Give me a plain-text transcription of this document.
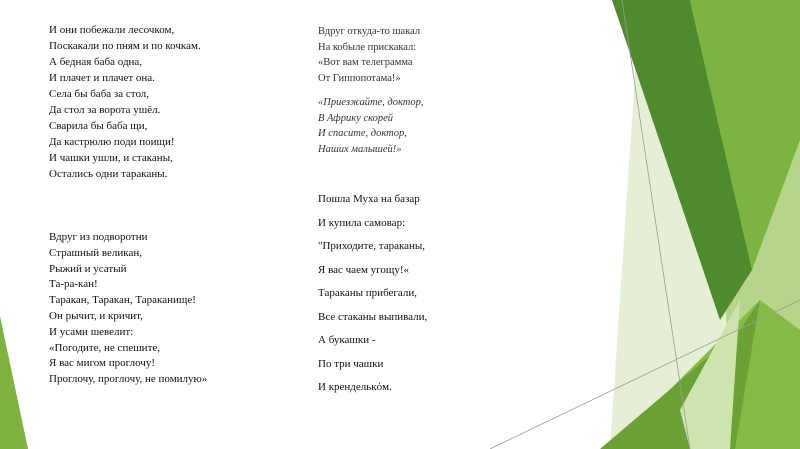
И они побежали лесочком,
Поскакали по пням и по кочкам.
А бедная баба одна,
И плачет и плачет она.
Села бы баба за стол,
Да стол за ворота ушёл.
Сварила бы баба щи,
Да кастрюлю поди поищи!
И чашки ушли, и стаканы,
Остались одни тараканы.
Вдруг из подворотни
Страшный великан,
Рыжий и усатый
Та-ра-кан!
Таракан, Таракан, Тараканище!
Он рычит, и кричит,
И усами шевелит:
«Погодите, не спешите,
Я вас мигом проглочу!
Проглочу, проглочу, не помилую»
Вдруг откуда-то шакал
На кобыле прискакал:
«Вот вам телеграмма
От Гиппопотама!»
«Приезжайте, доктор,
В Африку скорей
И спасите, доктор,
Наших малышей!»
Пошла Муха на базар
И купила самовар:
"Приходите, тараканы,
Я вас чаем угощу!«
Тараканы прибегали,
Все стаканы выпивали,
А букашки -
По три чашки
И кренделькόм.
